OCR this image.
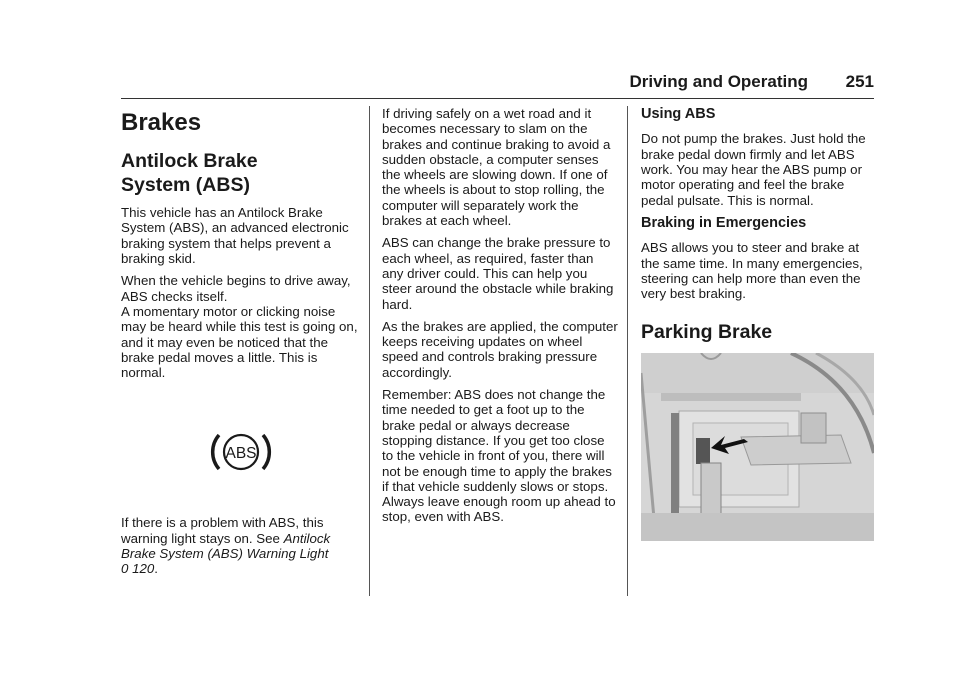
Driving and Operating 251
Brakes
Antilock Brake
System (ABS)

This vehicle has an Antilock Brake System (ABS), an advanced electronic braking system that helps prevent a braking skid.

When the vehicle begins to drive away, ABS checks itself.

A momentary motor or clicking noise may be heard while this test is going on, and it may even be noticed that the brake pedal moves a little. This is normal.

ABS

If there is a problem with ABS, this warning light stays on. See Antilock Brake System (ABS) Warning Light
0 120.

If driving safely on a wet road and it becomes necessary to slam on the brakes and continue braking to avoid a sudden obstacle, a computer senses the wheels are slowing down. If one of the wheels is about to stop rolling, the computer will separately work the brakes at each wheel.

ABS can change the brake pressure to each wheel, as required, faster than any driver could. This can help you steer around the obstacle while braking hard.

As the brakes are applied, the computer keeps receiving updates on wheel speed and controls braking pressure accordingly.

Remember: ABS does not change the time needed to get a foot up to the brake pedal or always decrease stopping distance. If you get too close to the vehicle in front of you, there will not be enough time to apply the brakes if that vehicle suddenly slows or stops. Always leave enough room up ahead to stop, even with ABS.

Using ABS

Do not pump the brakes. Just hold the brake pedal down firmly and let ABS work. You may hear the ABS pump or motor operating and feel the brake pedal pulsate. This is normal.

Braking in Emergencies

ABS allows you to steer and brake at the same time. In many emergencies, steering can help more than even the very best braking.

Parking Brake
